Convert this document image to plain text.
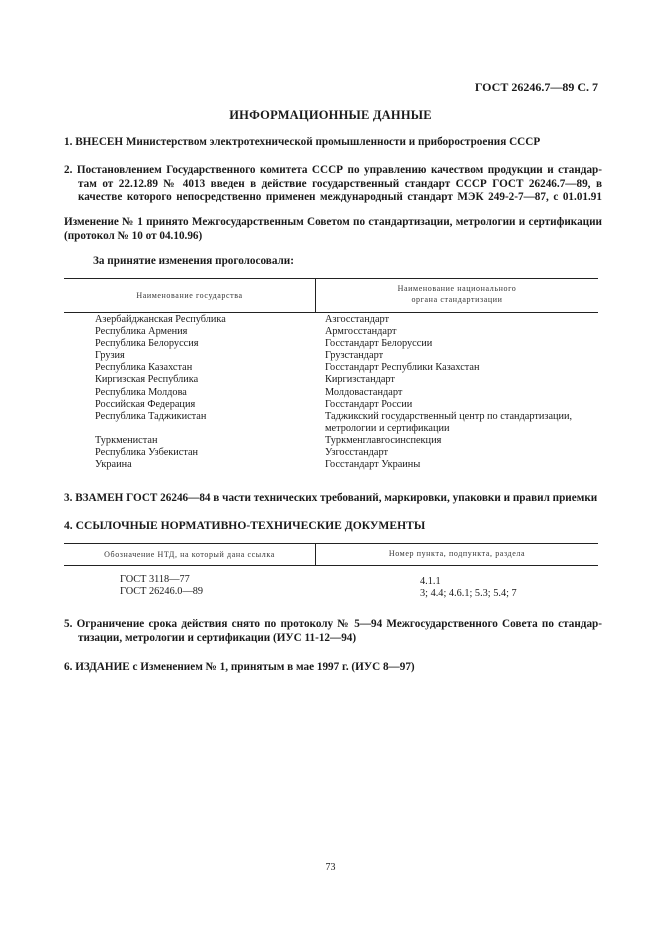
ГОСТ 26246.7—89 С. 7
ИНФОРМАЦИОННЫЕ ДАННЫЕ
1. ВНЕСЕН Министерством электротехнической промышленности и приборостроения СССР
2. Постановлением Государственного комитета СССР по управлению качеством продукции и стандар-
там от 22.12.89 № 4013 введен в действие государственный стандарт СССР ГОСТ 26246.7—89, в
качестве которого непосредственно применен международный стандарт МЭК 249-2-7—87, с 01.01.91
Изменение № 1 принято Межгосударственным Советом по стандартизации, метрологии и сертификации
(протокол № 10 от 04.10.96)
За принятие изменения проголосовали:
Наименование государства
Наименование национального
органа стандартизации
Азербайджанская Республика
Республика Армения
Республика Белоруссия
Грузия
Республика Казахстан
Киргизская Республика
Республика Молдова
Российская Федерация
Республика Таджикистан
Туркменистан
Республика Узбекистан
Украина
Азгосстандарт
Армгосстандарт
Госстандарт Белоруссии
Грузстандарт
Госстандарт Республики Казахстан
Киргизстандарт
Молдовастандарт
Госстандарт России
Таджикский государственный центр по стандартизации,
метрологии и сертификации
Туркменглавгосинспекция
Узгосстандарт
Госстандарт Украины
3. ВЗАМЕН ГОСТ 26246—84 в части технических требований, маркировки, упаковки и правил приемки
4. ССЫЛОЧНЫЕ НОРМАТИВНО-ТЕХНИЧЕСКИЕ ДОКУМЕНТЫ
Обозначение НТД, на который дана ссылка	Номер пункта, подпункта, раздела
ГОСТ 3118—77
ГОСТ 26246.0—89
4.1.1
3; 4.4; 4.6.1; 5.3; 5.4; 7
5. Ограничение срока действия снято по протоколу № 5—94 Межгосударственного Совета по стандар-
тизации, метрологии и сертификации (ИУС 11-12—94)
6. ИЗДАНИЕ с Изменением № 1, принятым в мае 1997 г. (ИУС 8—97)
73
